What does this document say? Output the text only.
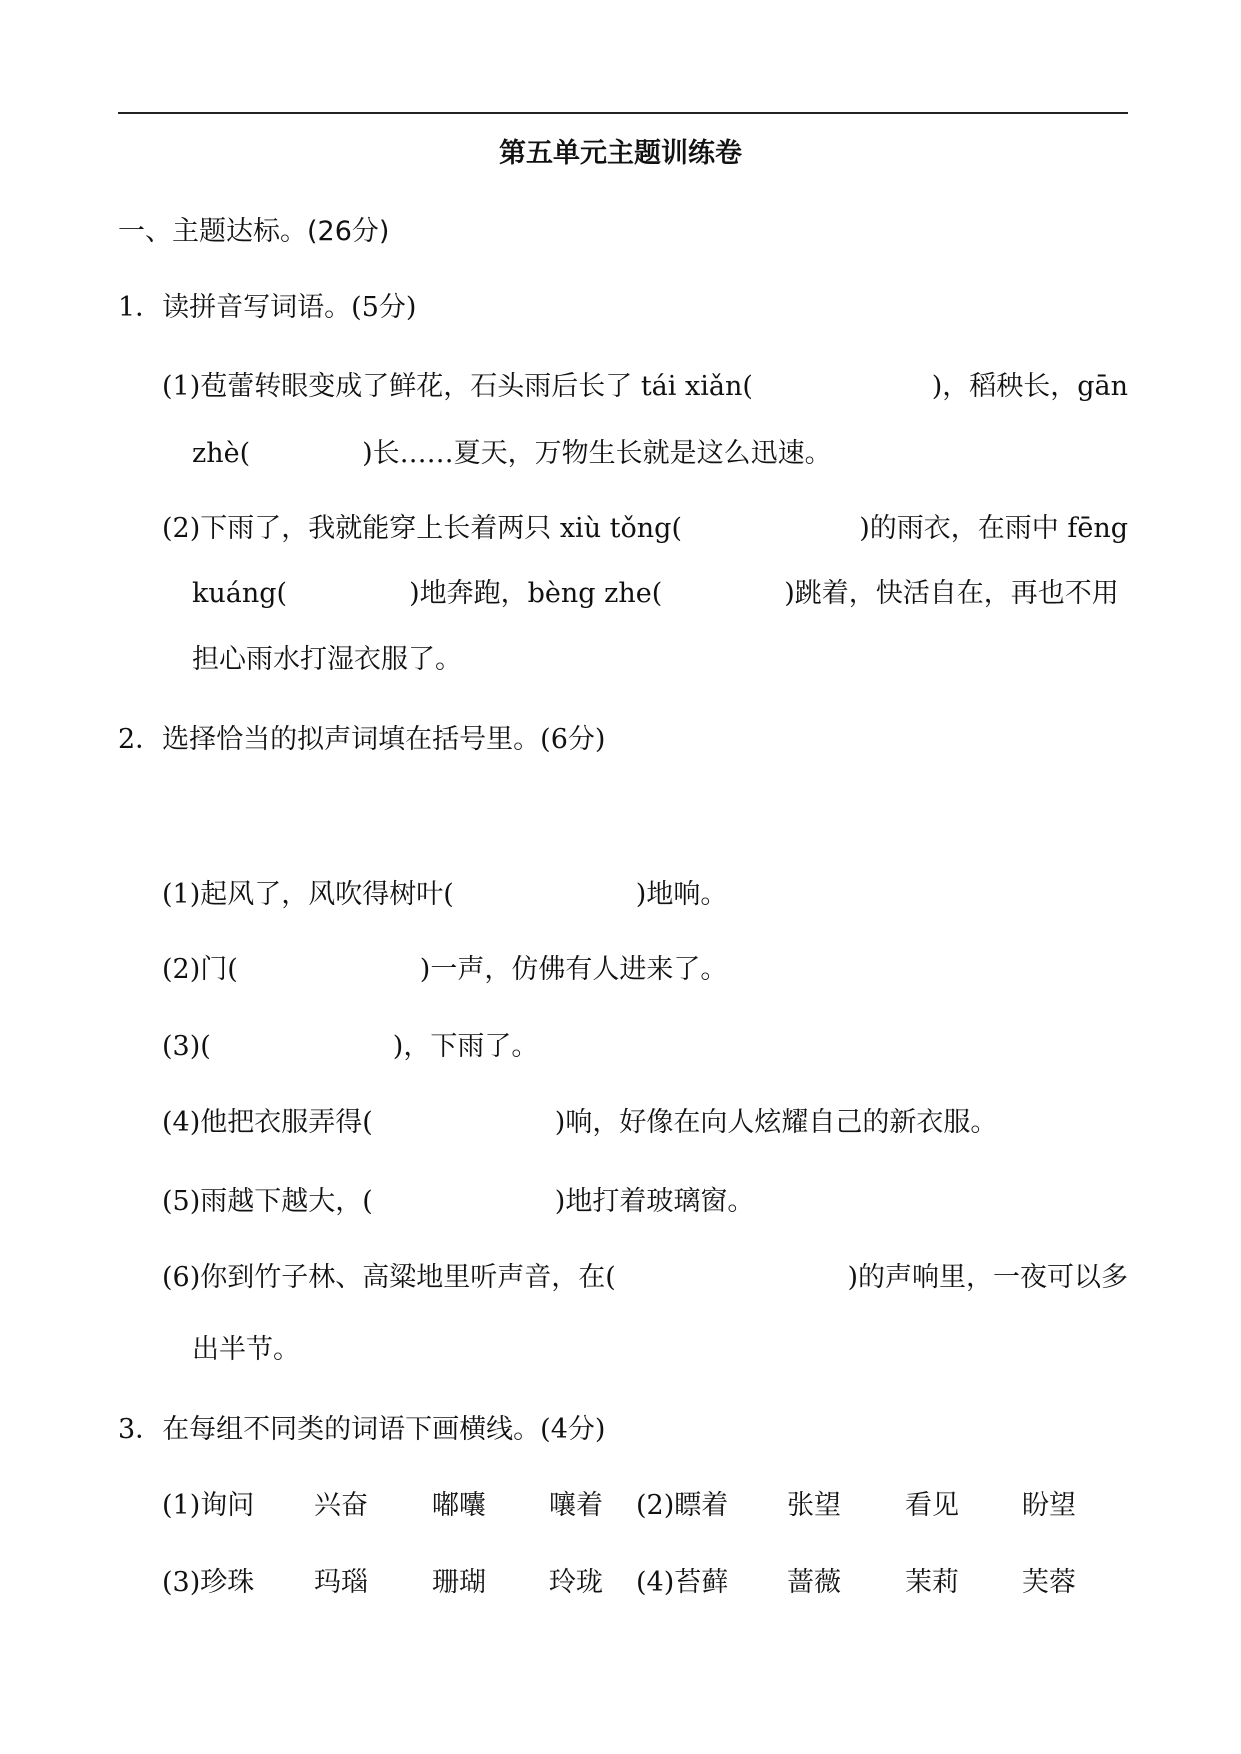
第五单元主题训练卷
一、主题达标。(26分)
1．读拼音写词语。(5分)
(1)苞蕾转眼变成了鲜花，石头雨后长了 tái xiǎn(	)，稻秧长，gān
zhè(	)长……夏天，万物生长就是这么迅速。
(2)下雨了，我就能穿上长着两只 xiù tǒng(	)的雨衣，在雨中 fēng
kuáng(	)地奔跑，bèng zhe(	)跳着，快活自在，再也不用
担心雨水打湿衣服了。
2．选择恰当的拟声词填在括号里。(6分)
(1)起风了，风吹得树叶(	)地响。
(2)门(	)一声，仿佛有人进来了。
(3)(	)，下雨了。
(4)他把衣服弄得(	)响，好像在向人炫耀自己的新衣服。
(5)雨越下越大，(	)地打着玻璃窗。
(6)你到竹子林、高粱地里听声音，在(	)的声响里，一夜可以多
出半节。
3．在每组不同类的词语下画横线。(4分)
(1)询问 兴奋 嘟囔 嚷着 (2)瞟着 张望 看见 盼望
(3)珍珠 玛瑙 珊瑚 玲珑 (4)苔藓 蔷薇 茉莉 芙蓉
